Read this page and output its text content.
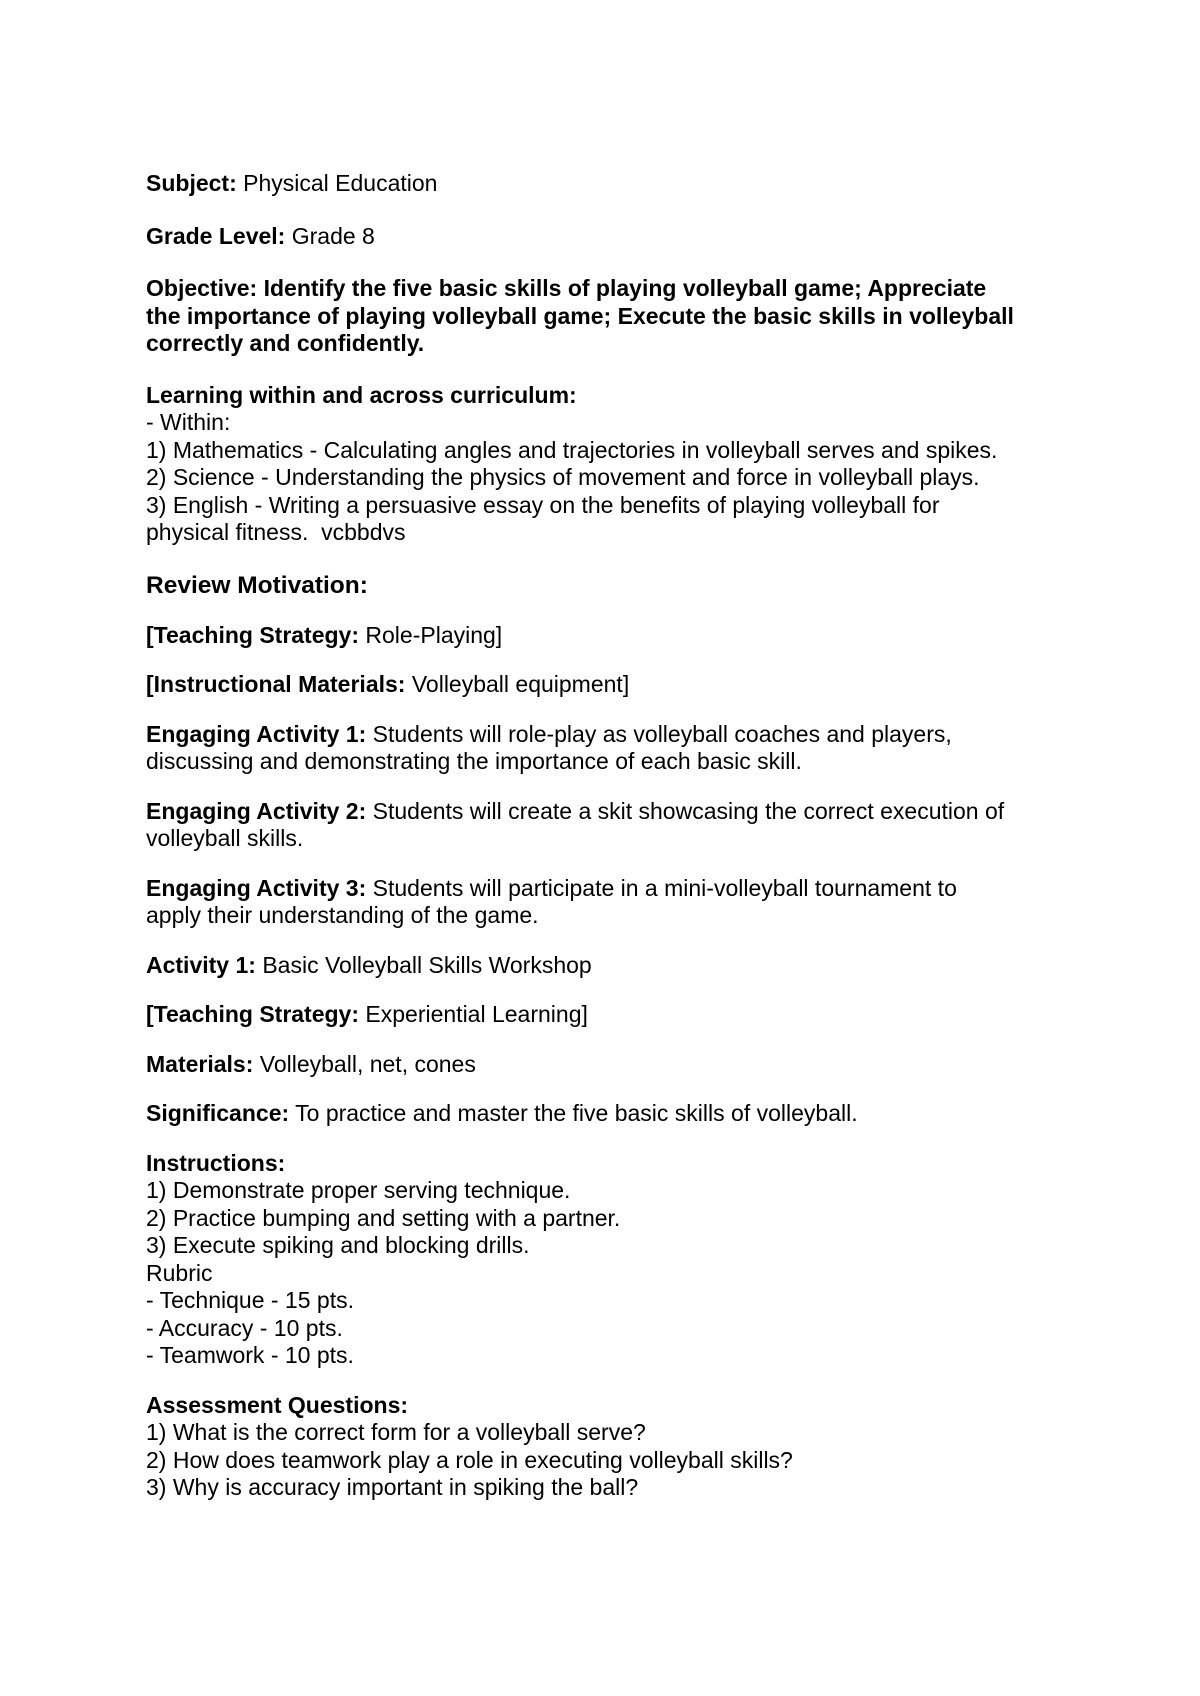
Subject: Physical Education

Grade Level: Grade 8

Objective: Identify the five basic skills of playing volleyball game; Appreciate
the importance of playing volleyball game; Execute the basic skills in volleyball
correctly and confidently.

Learning within and across curriculum:
- Within:
1) Mathematics - Calculating angles and trajectories in volleyball serves and spikes.
2) Science - Understanding the physics of movement and force in volleyball plays.
3) English - Writing a persuasive essay on the benefits of playing volleyball for
physical fitness.  vcbbdvs

Review Motivation:

[Teaching Strategy: Role-Playing]

[Instructional Materials: Volleyball equipment]

Engaging Activity 1: Students will role-play as volleyball coaches and players,
discussing and demonstrating the importance of each basic skill.

Engaging Activity 2: Students will create a skit showcasing the correct execution of
volleyball skills.

Engaging Activity 3: Students will participate in a mini-volleyball tournament to
apply their understanding of the game.

Activity 1: Basic Volleyball Skills Workshop

[Teaching Strategy: Experiential Learning]

Materials: Volleyball, net, cones

Significance: To practice and master the five basic skills of volleyball.

Instructions:
1) Demonstrate proper serving technique.
2) Practice bumping and setting with a partner.
3) Execute spiking and blocking drills.
Rubric
- Technique - 15 pts.
- Accuracy - 10 pts.
- Teamwork - 10 pts.

Assessment Questions:
1) What is the correct form for a volleyball serve?
2) How does teamwork play a role in executing volleyball skills?
3) Why is accuracy important in spiking the ball?
